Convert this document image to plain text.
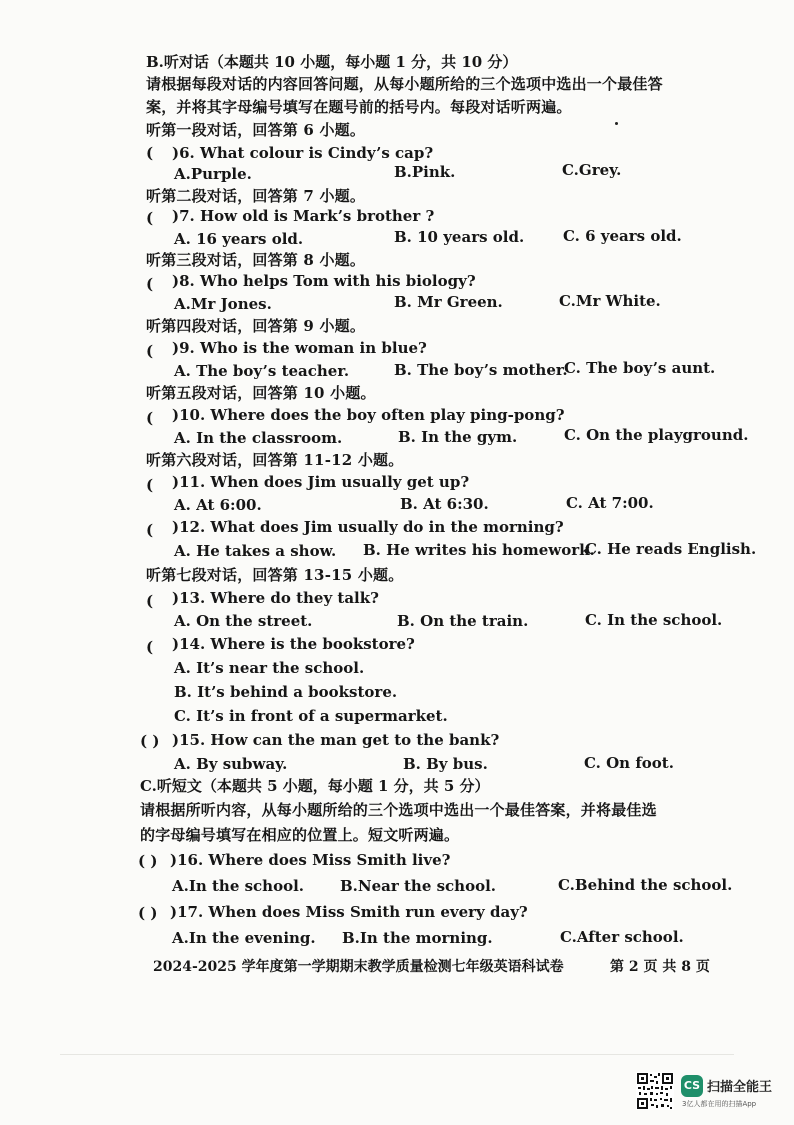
B.听对话（本题共 10 小题，每小题 1 分，共 10 分）
请根据每段对话的内容回答问题，从每小题所给的三个选项中选出一个最佳答
案，并将其字母编号填写在题号前的括号内。每段对话听两遍。
听第一段对话，回答第 6 小题。
( )6. What colour is Cindy’s cap?
A.Purple.	B.Pink.	C.Grey.
听第二段对话，回答第 7 小题。
( )7. How old is Mark’s brother ?
A. 16 years old.	B. 10 years old.	C. 6 years old.
听第三段对话，回答第 8 小题。
( )8. Who helps Tom with his biology?
A.Mr Jones.	B. Mr Green.	C.Mr White.
听第四段对话，回答第 9 小题。
( )9. Who is the woman in blue?
A. The boy’s teacher.	B. The boy’s mother.
C. The boy’s aunt.
听第五段对话，回答第 10 小题。
( )10. Where does the boy often play ping-pong?
A. In the classroom.	B. In the gym.	C. On the playground.
听第六段对话，回答第 11-12 小题。
( )11. When does Jim usually get up?
A. At 6:00.	B. At 6:30.	C. At 7:00.
( )12. What does Jim usually do in the morning?
A. He takes a show. B. He writes his homework.
C. He reads English.
听第七段对话，回答第 13-15 小题。
( )13. Where do they talk?
A. On the street.	B. On the train.	C. In the school.
( )14. Where is the bookstore?
A. It’s near the school.
B. It’s behind a bookstore.
C. It’s in front of a supermarket.
( ) )15. How can the man get to the bank?
A. By subway.	B. By bus.	C. On foot.
C.听短文（本题共 5 小题，每小题 1 分，共 5 分）
请根据所听内容，从每小题所给的三个选项中选出一个最佳答案，并将最佳选
的字母编号填写在相应的位置上。短文听两遍。
( ) )16. Where does Miss Smith live?
A.In the school. B.Near the school.	C.Behind the school.
( ) )17. When does Miss Smith run every day?
A.In the evening. B.In the morning.	C.After school.
2024-2025 学年度第一学期期末教学质量检测七年级英语科试卷	第 2 页 共 8 页
CS 扫描全能王
3亿人都在用的扫描App
